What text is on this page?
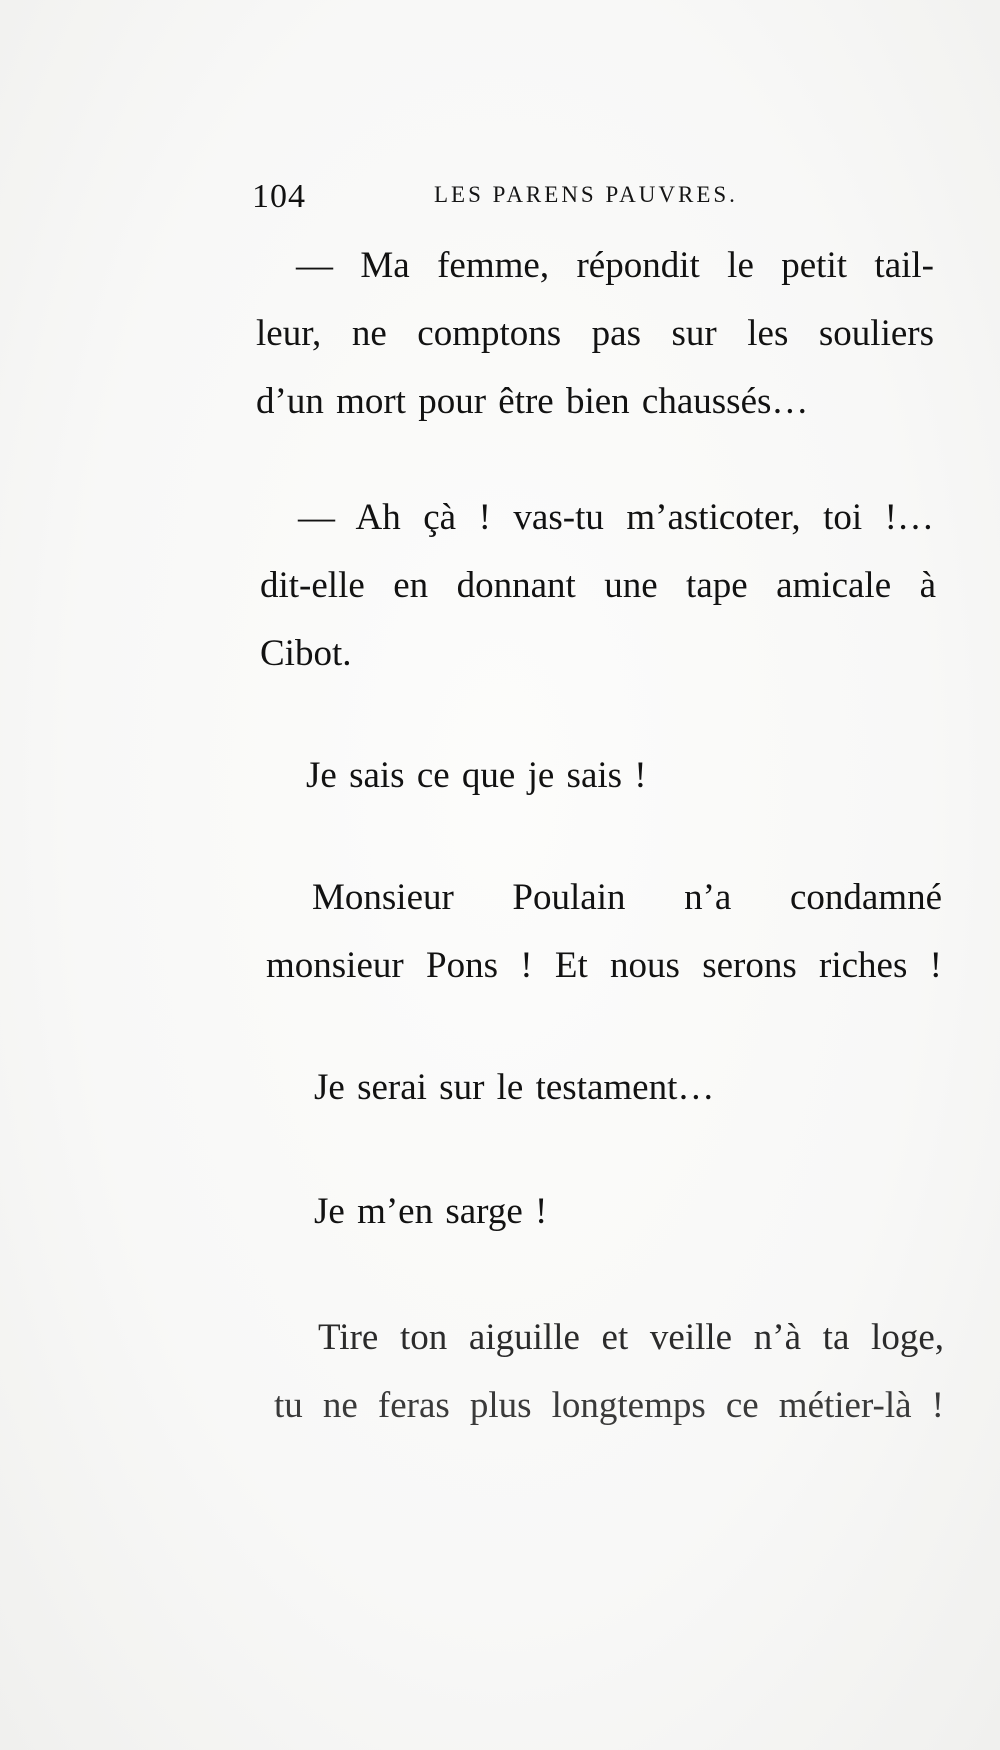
104	LES PARENS PAUVRES.
— Ma femme, répondit le petit tail-
leur, ne comptons pas sur les souliers
d’un mort pour être bien chaussés…
— Ah çà ! vas-tu m’asticoter, toi !…
dit-elle en donnant une tape amicale à
Cibot.
Je sais ce que je sais !
Monsieur Poulain n’a condamné
monsieur Pons ! Et nous serons riches !
Je serai sur le testament…
Je m’en sarge !
Tire ton aiguille et veille n’à ta loge,
tu ne feras plus longtemps ce métier-là !
